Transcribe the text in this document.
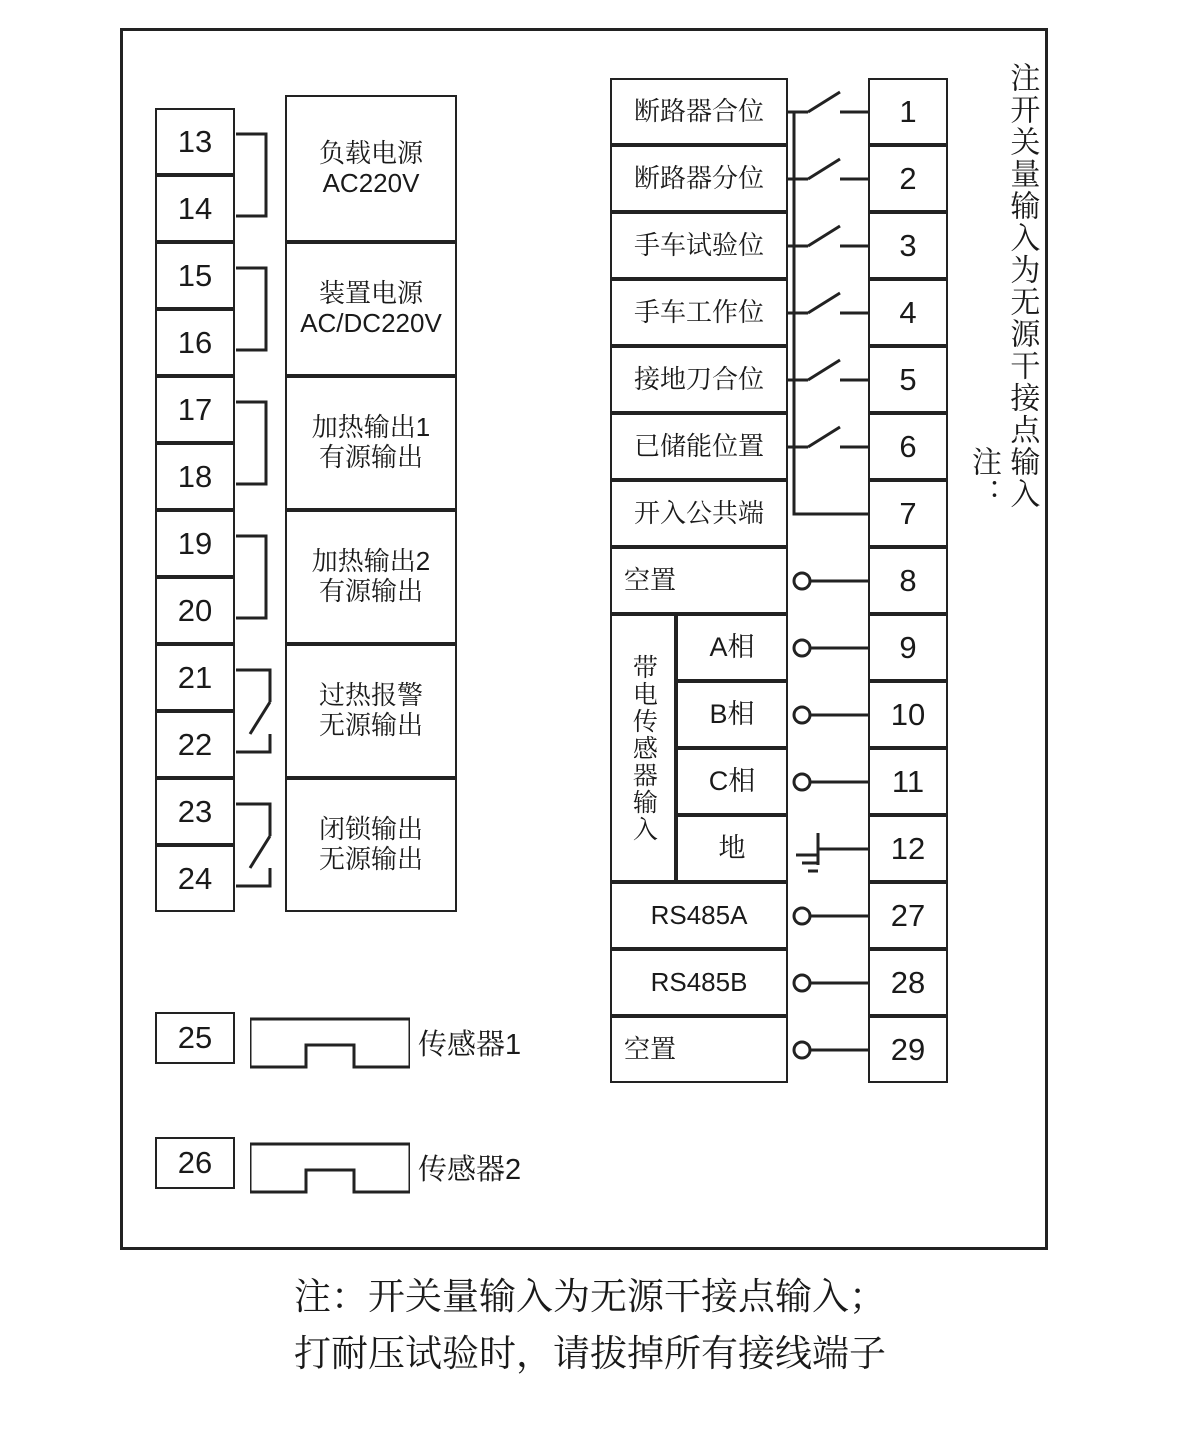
13
14
15
16
17
18
19
20
21
22
23
24
负载电源
AC220V
装置电源
AC/DC220V
加热输出1
有源输出
加热输出2
有源输出
过热报警
无源输出
闭锁输出
无源输出
25	传感器1
26	传感器2
断路器合位
断路器分位
手车试验位
手车工作位
接地刀合位
已储能位置
开入公共端
空置
带电传感器输入
A相
B相
C相
地
RS485A
RS485B
空置
1
2
3
4
5
6
7
8
9
10
11
12
27
28
29
注： 注开关量输入为无源干接点输入
注：开关量输入为无源干接点输入；
打耐压试验时，请拔掉所有接线端子
